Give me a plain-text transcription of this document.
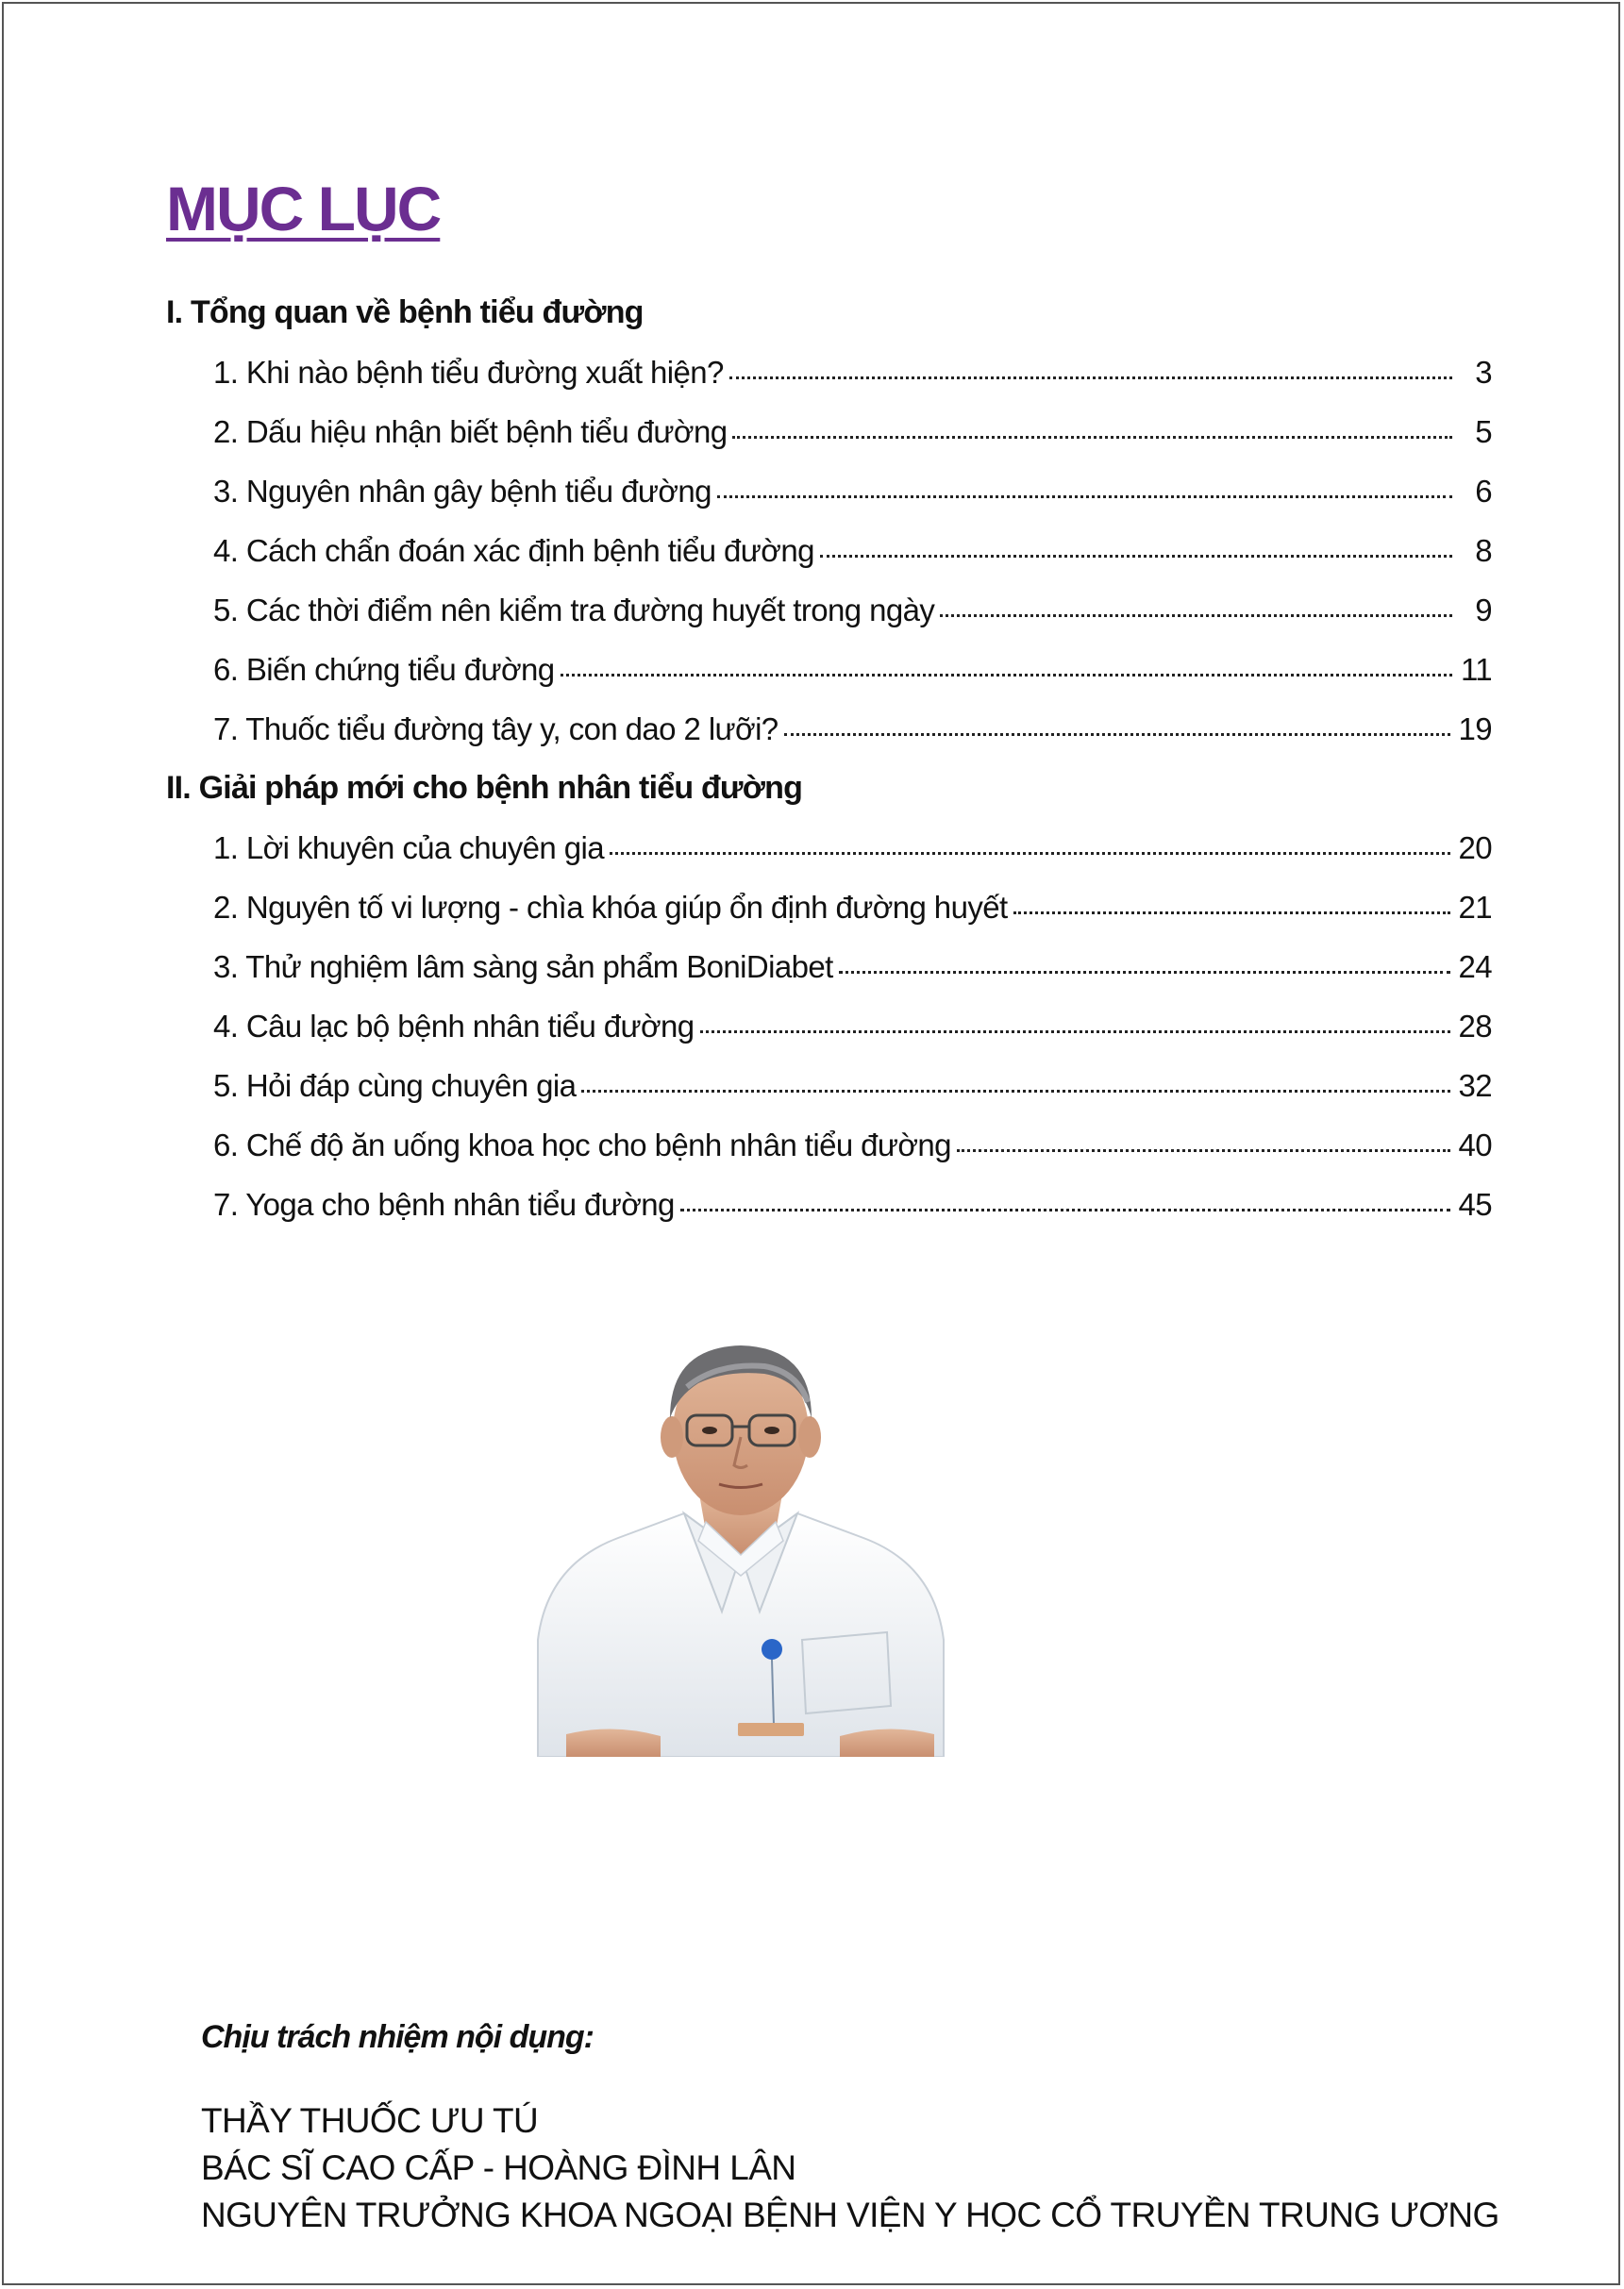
MỤC LỤC
I. Tổng quan về bệnh tiểu đường
1. Khi nào bệnh tiểu đường xuất hiện?	3
2. Dấu hiệu nhận biết bệnh tiểu đường	5
3. Nguyên nhân gây bệnh tiểu đường	6
4. Cách chẩn đoán xác định bệnh tiểu đường	8
5. Các thời điểm nên kiểm tra đường huyết trong ngày	9
6. Biến chứng tiểu đường	11
7. Thuốc tiểu đường tây y, con dao 2 lưỡi?	19
II. Giải pháp mới cho bệnh nhân tiểu đường
1. Lời khuyên của chuyên gia	20
2. Nguyên tố vi lượng - chìa khóa giúp ổn định đường huyết	21
3. Thử nghiệm lâm sàng sản phẩm BoniDiabet	24
4. Câu lạc bộ bệnh nhân tiểu đường	28
5. Hỏi đáp cùng chuyên gia	32
6. Chế độ ăn uống khoa học cho bệnh nhân tiểu đường	40
7. Yoga cho bệnh nhân tiểu đường	45
Chịu trách nhiệm nội dụng:
THẦY THUỐC ƯU TÚ
BÁC SĨ CAO CẤP - HOÀNG ĐÌNH LÂN
NGUYÊN TRƯỞNG KHOA NGOẠI BỆNH VIỆN Y HỌC CỔ TRUYỀN TRUNG ƯƠNG
